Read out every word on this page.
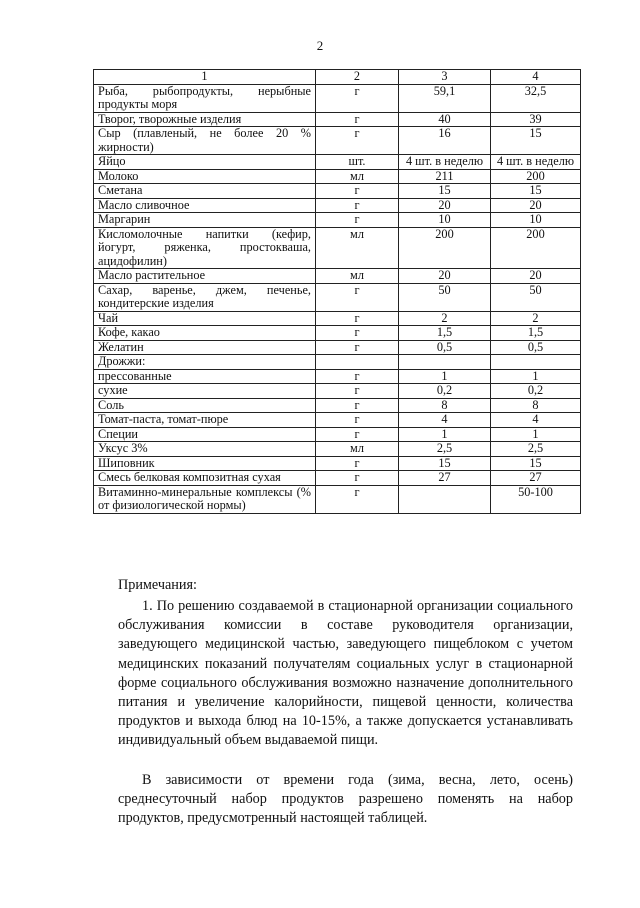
2
1	2	3	4
Рыба, рыбопродукты, нерыбные продукты моря	г	59,1	32,5
Творог, творожные изделия	г	40	39
Сыр (плавленый, не более 20 % жирности)	г	16	15
Яйцо	шт.	4 шт. в неделю	4 шт. в неделю
Молоко	мл	211	200
Сметана	г	15	15
Масло сливочное	г	20	20
Маргарин	г	10	10
Кисломолочные напитки (кефир, йогурт, ряженка, простокваша, ацидофилин)	мл	200	200
Масло растительное	мл	20	20
Сахар, варенье, джем, печенье, кондитерские изделия	г	50	50
Чай	г	2	2
Кофе, какао	г	1,5	1,5
Желатин	г	0,5	0,5
Дрожжи:			
прессованные	г	1	1
сухие	г	0,2	0,2
Соль	г	8	8
Томат-паста, томат-пюре	г	4	4
Специи	г	1	1
Уксус 3%	мл	2,5	2,5
Шиповник	г	15	15
Смесь белковая композитная сухая	г	27	27
Витаминно-минеральные комплексы (% от физиологической нормы)	г		50-100
Примечания:

1. По решению создаваемой в стационарной организации социального обслуживания комиссии в составе руководителя организации, заведующего медицинской частью, заведующего пищеблоком с учетом медицинских показаний получателям социальных услуг в стационарной форме социального обслуживания возможно назначение дополнительного питания и увеличение калорийности, пищевой ценности, количества продуктов и выхода блюд на 10-15%, а также допускается устанавливать индивидуальный объем выдаваемой пищи.

В зависимости от времени года (зима, весна, лето, осень) среднесуточный набор продуктов разрешено поменять на набор продуктов, предусмотренный настоящей таблицей.
